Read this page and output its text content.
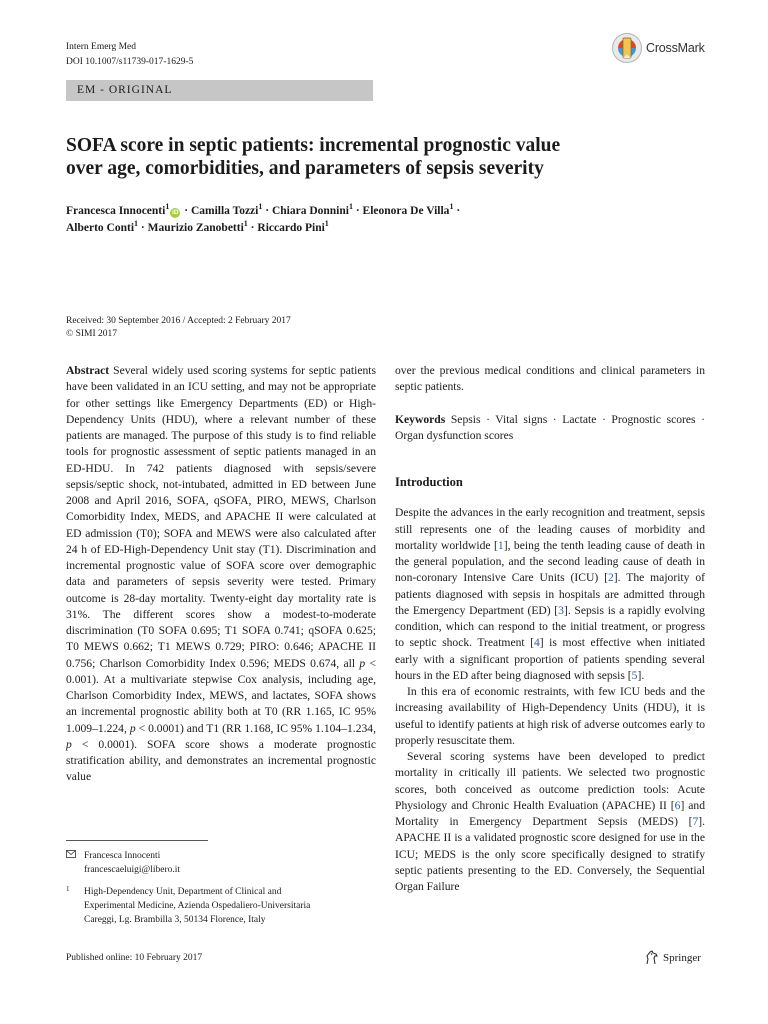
Intern Emerg Med
DOI 10.1007/s11739-017-1629-5
CrossMark
EM - ORIGINAL
SOFA score in septic patients: incremental prognostic value
over age, comorbidities, and parameters of sepsis severity
Francesca Innocenti$^1$iD · Camilla Tozzi$^1$ · Chiara Donnini$^1$ · Eleonora De Villa$^1$ ·
Alberto Conti$^1$ · Maurizio Zanobetti$^1$ · Riccardo Pini$^1$
Received: 30 September 2016 / Accepted: 2 February 2017
© SIMI 2017

Abstract Several widely used scoring systems for septic patients have been validated in an ICU setting, and may not be appropriate for other settings like Emergency Departments (ED) or High-Dependency Units (HDU), where a relevant number of these patients are managed. The purpose of this study is to find reliable tools for prognostic assessment of septic patients managed in an ED-HDU. In 742 patients diagnosed with sepsis/severe sepsis/septic shock, not-intubated, admitted in ED between June 2008 and April 2016, SOFA, qSOFA, PIRO, MEWS, Charlson Comorbidity Index, MEDS, and APACHE II were calculated at ED admission (T0); SOFA and MEWS were also calculated after 24 h of ED-High-Dependency Unit stay (T1). Discrimination and incremental prognostic value of SOFA score over demographic data and parameters of sepsis severity were tested. Primary outcome is 28-day mortality. Twenty-eight day mortality rate is 31%. The different scores show a modest-to-moderate discrimination (T0 SOFA 0.695; T1 SOFA 0.741; qSOFA 0.625; T0 MEWS 0.662; T1 MEWS 0.729; PIRO: 0.646; APACHE II 0.756; Charlson Comorbidity Index 0.596; MEDS 0.674, all p < 0.001). At a multivariate stepwise Cox analysis, including age, Charlson Comorbidity Index, MEWS, and lactates, SOFA shows an incremental prognostic ability both at T0 (RR 1.165, IC 95% 1.009–1.224, p < 0.0001) and T1 (RR 1.168, IC 95% 1.104–1.234, p < 0.0001). SOFA score shows a moderate prognostic stratification ability, and demonstrates an incremental prognostic value

over the previous medical conditions and clinical parameters in septic patients.

Keywords Sepsis · Vital signs · Lactate · Prognostic scores · Organ dysfunction scores

Introduction

Despite the advances in the early recognition and treatment, sepsis still represents one of the leading causes of morbidity and mortality worldwide [1], being the tenth leading cause of death in the general population, and the second leading cause of death in non-coronary Intensive Care Units (ICU) [2]. The majority of patients diagnosed with sepsis in hospitals are admitted through the Emergency Department (ED) [3]. Sepsis is a rapidly evolving condition, which can respond to the initial treatment, or progress to septic shock. Treatment [4] is most effective when initiated early with a significant proportion of patients spending several hours in the ED after being diagnosed with sepsis [5].

In this era of economic restraints, with few ICU beds and the increasing availability of High-Dependency Units (HDU), it is useful to identify patients at high risk of adverse outcomes early to properly resuscitate them.

Several scoring systems have been developed to predict mortality in critically ill patients. We selected two prognostic scores, both conceived as outcome prediction tools: Acute Physiology and Chronic Health Evaluation (APACHE) II [6] and Mortality in Emergency Department Sepsis (MEDS) [7]. APACHE II is a validated prognostic score designed for use in the ICU; MEDS is the only score specifically designed to stratify septic patients presenting to the ED. Conversely, the Sequential Organ Failure

Francesca Innocenti
francescaeluigi@libero.it
1 High-Dependency Unit, Department of Clinical and
Experimental Medicine, Azienda Ospedaliero-Universitaria
Careggi, Lg. Brambilla 3, 50134 Florence, Italy
Published online: 10 February 2017	Springer
